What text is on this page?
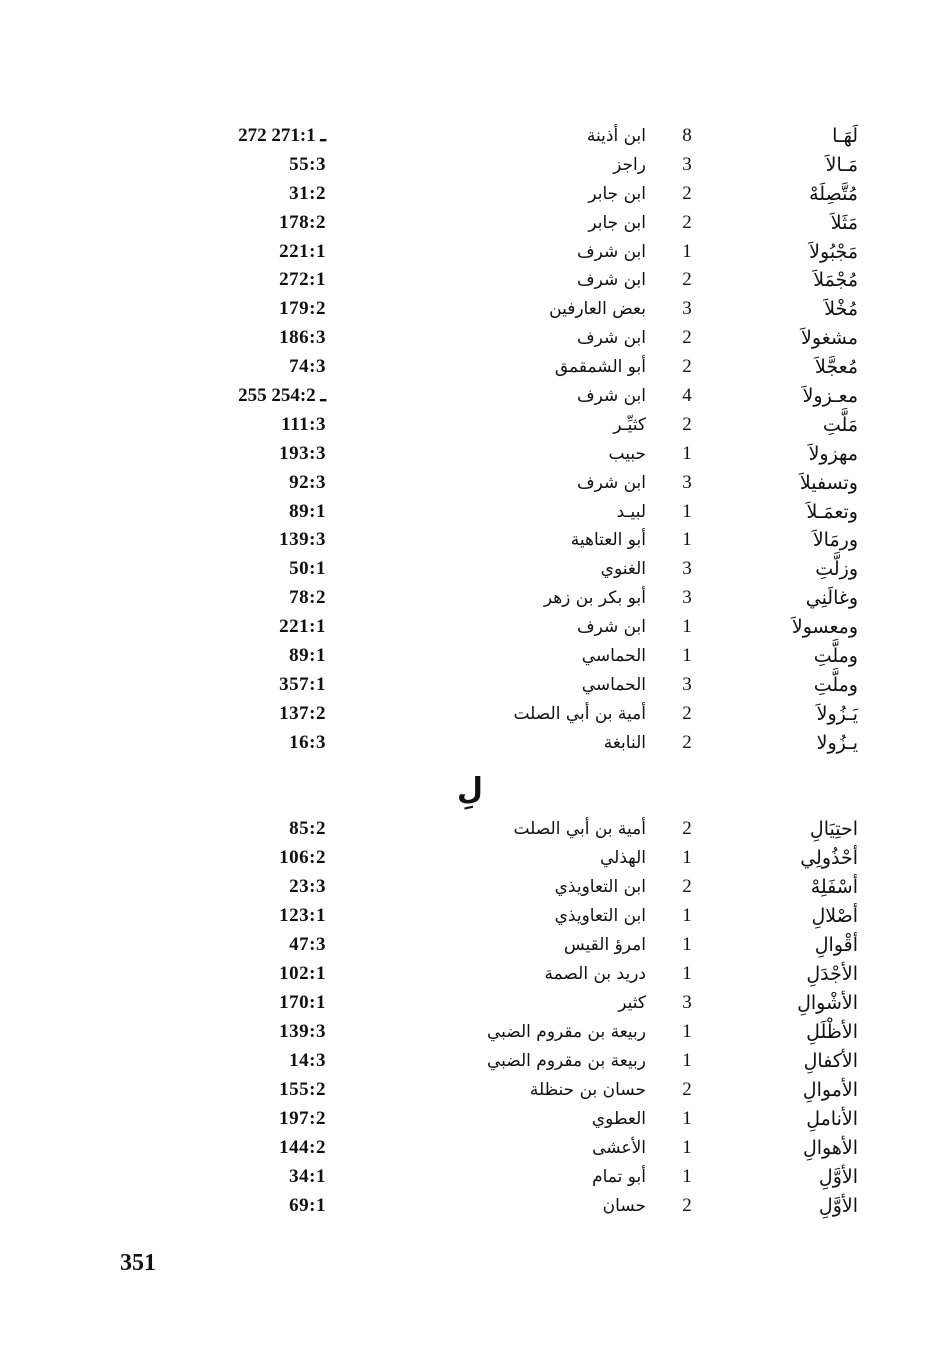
لَهَـا
8
ابن أذينة
272 ـ 271:1
مَـالاَ
3
راجز
55:3
مُتَّصِلَهْ
2
ابن جابر
31:2
مَثَلاَ
2
ابن جابر
178:2
مَجْبُولاَ
1
ابن شرف
221:1
مُجْمَلاَ
2
ابن شرف
272:1
مُخْلاَ
3
بعض العارفين
179:2
مشغولاَ
2
ابن شرف
186:3
مُعجَّلاَ
2
أبو الشمقمق
74:3
معـزولاَ
4
ابن شرف
255 ـ 254:2
مَلَّتِ
2
كثيِّـر
111:3
مهزولاَ
1
حبيب
193:3
وتسفيلاَ
3
ابن شرف
92:3
وتعمَـلاَ
1
لبيـد
89:1
ورمَالاَ
1
أبو العتاهية
139:3
وزلَّتِ
3
الغنوي
50:1
وغالَنِي
3
أبو بكر بن زهر
78:2
ومعسولاَ
1
ابن شرف
221:1
وملَّتِ
1
الحماسي
89:1
وملَّتِ
3
الحماسي
357:1
يَـزُولاَ
2
أمية بن أبي الصلت
137:2
يـزُولا
2
النابغة
16:3
لِ
احتِيَالِ
2
أمية بن أبي الصلت
85:2
أحْذُولِي
1
الهذلي
106:2
أسْفَلِهْ
2
ابن التعاويذي
23:3
أصْلالِ
1
ابن التعاويذي
123:1
أقْوالِ
1
امرؤ القيس
47:3
الأجْدَلِ
1
دريد بن الصمة
102:1
الأشْوالِ
3
كثير
170:1
الأظْلَلِ
1
ربيعة بن مقروم الضبي
139:3
الأكفالِ
1
ربيعة بن مقروم الضبي
14:3
الأموالِ
2
حسان بن حنظلة
155:2
الأناملِ
1
العطوي
197:2
الأهوالِ
1
الأعشى
144:2
الأوَّلِ
1
أبو تمام
34:1
الأوَّلِ
2
حسان
69:1
351
